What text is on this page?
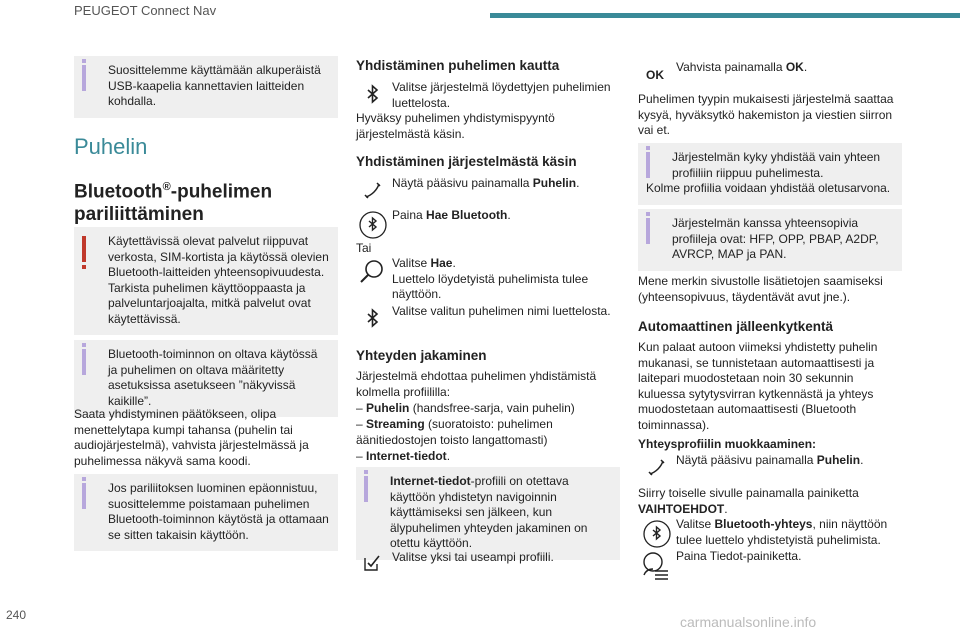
PEUGEOT Connect Nav
Suosittelemme käyttämään alkuperäistä USB-kaapelia kannettavien laitteiden kohdalla.
Puhelin
Bluetooth®-puhelimen pariliittäminen
Käytettävissä olevat palvelut riippuvat verkosta, SIM-kortista ja käytössä olevien Bluetooth-laitteiden yhteensopivuudesta. Tarkista puhelimen käyttöoppaasta ja palveluntarjoajalta, mitkä palvelut ovat käytettävissä.
Bluetooth-toiminnon on oltava käytössä ja puhelimen on oltava määritetty asetuksissa asetukseen ”näkyvissä kaikille”.

Saata yhdistyminen päätökseen, olipa menettelytapa kumpi tahansa (puhelin tai audiojärjestelmä), vahvista järjestelmässä ja puhelimessa näkyvä sama koodi.

Jos pariliitoksen luominen epäonnistuu, suosittelemme poistamaan puhelimen Bluetooth-toiminnon käytöstä ja ottamaan se sitten takaisin käyttöön.
Yhdistäminen puhelimen kautta

Valitse järjestelmä löydettyjen puhelimien luettelosta.

Hyväksy puhelimen yhdistymispyyntö järjestelmästä käsin.

Yhdistäminen järjestelmästä käsin

Näytä pääsivu painamalla Puhelin.

Paina Hae Bluetooth.

Tai

Valitse Hae.
Luettelo löydetyistä puhelimista tulee näyttöön.

Valitse valitun puhelimen nimi luettelosta.

Yhteyden jakaminen

Järjestelmä ehdottaa puhelimen yhdistämistä kolmella profiililla:

– Puhelin (handsfree-sarja, vain puhelin)

– Streaming (suoratoisto: puhelimen äänitiedostojen toisto langattomasti)

– Internet-tiedot.

Internet-tiedot-profiili on otettava käyttöön yhdistetyn navigoinnin käyttämiseksi sen jälkeen, kun älypuhelimen yhteyden jakaminen on otettu käyttöön.

Valitse yksi tai useampi profiili.

OK

Vahvista painamalla OK.

Puhelimen tyypin mukaisesti järjestelmä saattaa kysyä, hyväksytkö hakemiston ja viestien siirron vai et.

Järjestelmän kyky yhdistää vain yhteen profiiliin riippuu puhelimesta.
Kolme profiilia voidaan yhdistää oletusarvona.
Järjestelmän kanssa yhteensopivia profiileja ovat: HFP, OPP, PBAP, A2DP, AVRCP, MAP ja PAN.

Mene merkin sivustolle lisätietojen saamiseksi (yhteensopivuus, täydentävät avut jne.).

Automaattinen jälleenkytkentä

Kun palaat autoon viimeksi yhdistetty puhelin mukanasi, se tunnistetaan automaattisesti ja laitepari muodostetaan noin 30 sekunnin kuluessa sytytysvirran kytkennästä ja yhteys muodostetaan automaattisesti (Bluetooth toiminnassa).

Yhteysprofiilin muokkaaminen:

Näytä pääsivu painamalla Puhelin.

Siirry toiselle sivulle painamalla painiketta VAIHTOEHDOT.

Valitse Bluetooth-yhteys, niin näyttöön tulee luettelo yhdistetyistä puhelimista.

Paina Tiedot-painiketta.

240	carmanualsonline.info
